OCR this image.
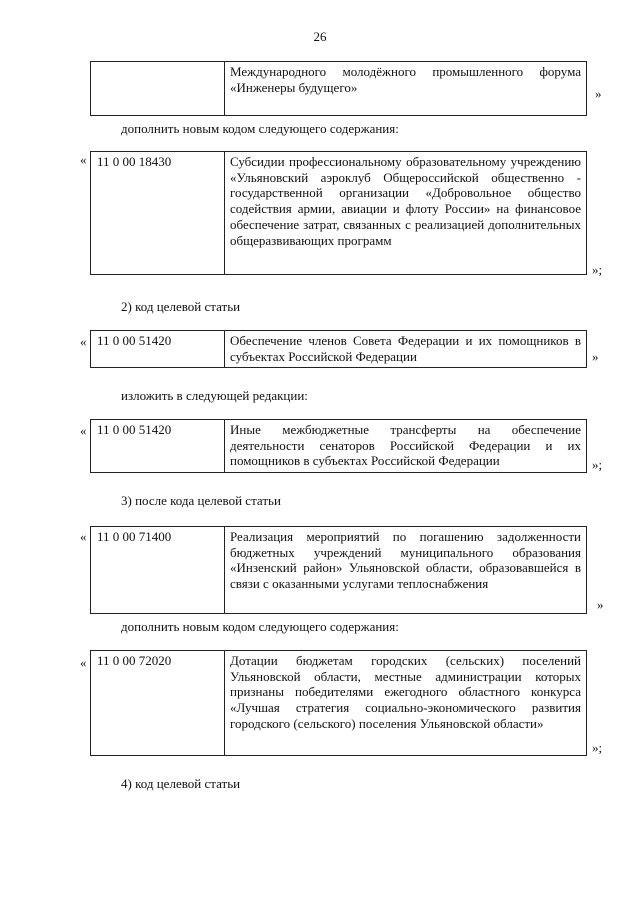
26
Международного молодёжного промышленного форума «Инженеры будущего»	»
дополнить новым кодом следующего содержания:
« 11 0 00 18430	Субсидии профессиональному образовательному учреждению «Ульяновский аэроклуб Общероссийской общественно - государственной организации «Добровольное общество содействия армии, авиации и флоту России» на финансовое обеспечение затрат, связанных с реализацией дополнительных общеразвивающих программ
»;
2) код целевой статьи
« 11 0 00 51420	Обеспечение членов Совета Федерации и их помощников в субъектах Российской Федерации	»
изложить в следующей редакции:
« 11 0 00 51420	Иные межбюджетные трансферты на обеспечение деятельности сенаторов Российской Федерации и их помощников в субъектах Российской Федерации	»;
3) после кода целевой статьи
« 11 0 00 71400	Реализация мероприятий по погашению задолженности бюджетных учреждений муниципального образования «Инзенский район» Ульяновской области, образовавшейся в связи с оказанными услугами теплоснабжения
»
дополнить новым кодом следующего содержания:
« 11 0 00 72020	Дотации бюджетам городских (сельских) поселений Ульяновской области, местные администрации которых признаны победителями ежегодного областного конкурса «Лучшая стратегия социально-экономического развития городского (сельского) поселения Ульяновской области»
»;
4) код целевой статьи
